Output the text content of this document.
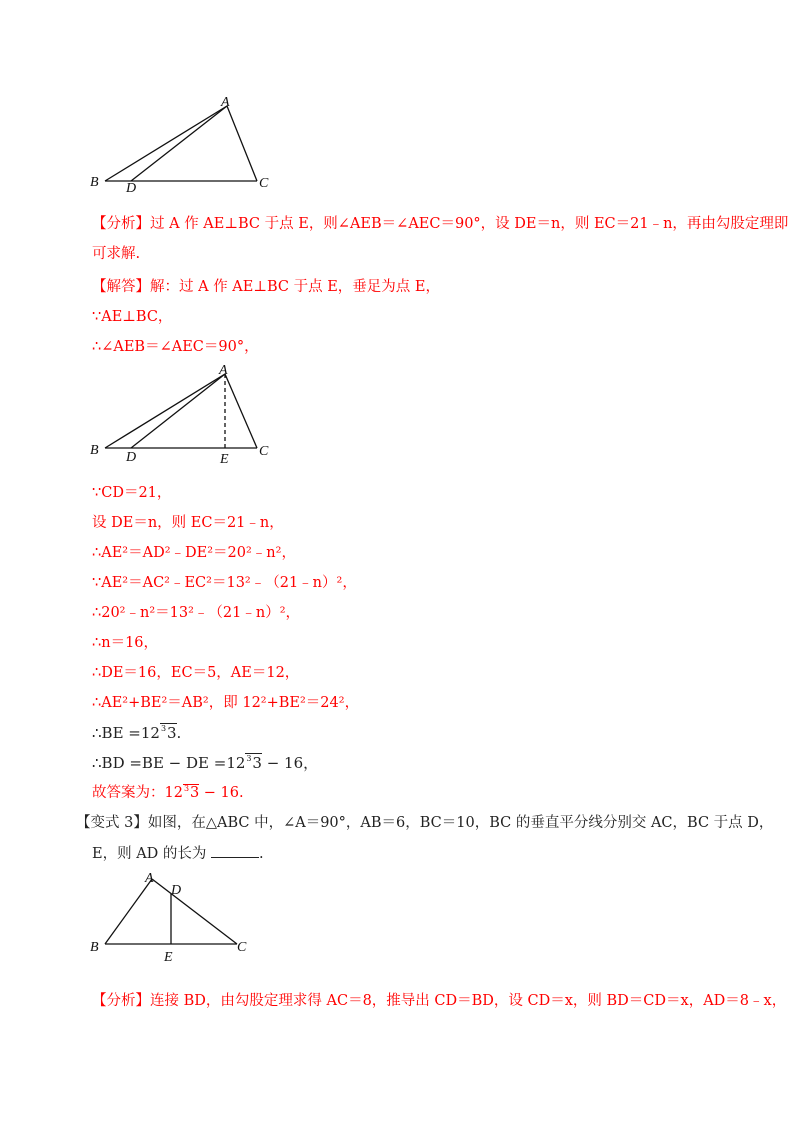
A
B D	C
【分析】过 A 作 AE⊥BC 于点 E，则∠AEB＝∠AEC＝90°，设 DE＝n，则 EC＝21﹣n，再由勾股定理即
可求解.
【解答】解：过 A 作 AE⊥BC 于点 E，垂足为点 E，
∵AE⊥BC，
∴∠AEB＝∠AEC＝90°，
A
B D	E
C
∵CD＝21，
设 DE＝n，则 EC＝21﹣n，
∴AE²＝AD²﹣DE²＝20²﹣n²，
∵AE²＝AC²﹣EC²＝13²﹣（21﹣n）²，
∴20²﹣n²＝13²﹣（21﹣n）²，
∴n＝16，
∴DE＝16，EC＝5，AE＝12，
∴AE²+BE²＝AB²，即 12²+BE²＝24²，
∴BE =12 3 3.
∴BD =BE − DE =12 3 3 − 16，
故答案为：12 3 3 − 16.
【变式 3】如图，在△ABC 中，∠A＝90°，AB＝6，BC＝10，BC 的垂直平分线分别交 AC，BC 于点 D，
E，则 AD 的长为	.
A
D
B
E
C
【分析】连接 BD，由勾股定理求得 AC＝8，推导出 CD＝BD，设 CD＝x，则 BD＝CD＝x，AD＝8﹣x，
